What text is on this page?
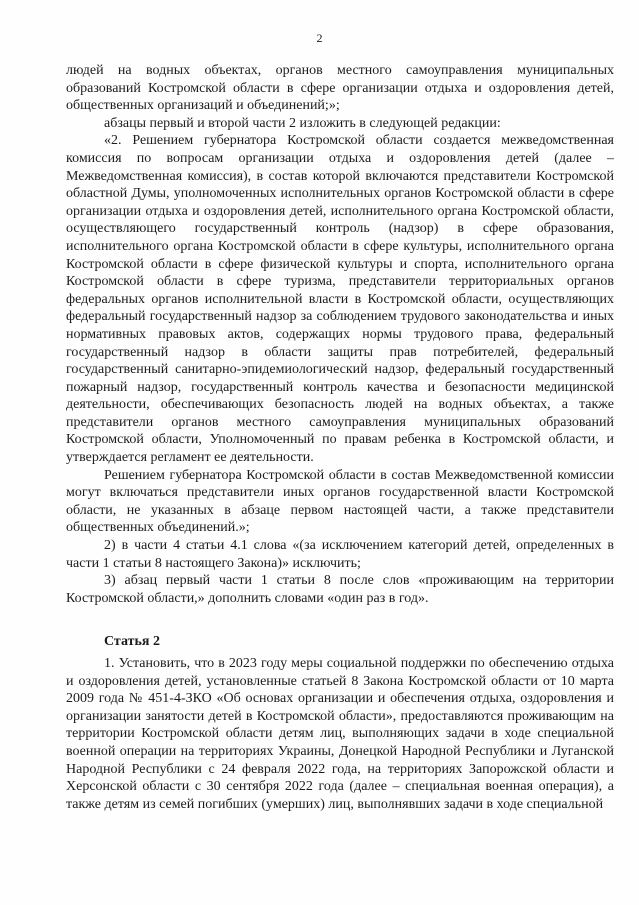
2

людей на водных объектах, органов местного самоуправления муниципальных образований Костромской области в сфере организации отдыха и оздоровления детей, общественных организаций и объединений;»;

абзацы первый и второй части 2 изложить в следующей редакции:

«2. Решением губернатора Костромской области создается межведомственная комиссия по вопросам организации отдыха и оздоровления детей (далее – Межведомственная комиссия), в состав которой включаются представители Костромской областной Думы, уполномоченных исполнительных органов Костромской области в сфере организации отдыха и оздоровления детей, исполнительного органа Костромской области, осуществляющего государственный контроль (надзор) в сфере образования, исполнительного органа Костромской области в сфере культуры, исполнительного органа Костромской области в сфере физической культуры и спорта, исполнительного органа Костромской области в сфере туризма, представители территориальных органов федеральных органов исполнительной власти в Костромской области, осуществляющих федеральный государственный надзор за соблюдением трудового законодательства и иных нормативных правовых актов, содержащих нормы трудового права, федеральный государственный надзор в области защиты прав потребителей, федеральный государственный санитарно-эпидемиологический надзор, федеральный государственный пожарный надзор, государственный контроль качества и безопасности медицинской деятельности, обеспечивающих безопасность людей на водных объектах, а также представители органов местного самоуправления муниципальных образований Костромской области, Уполномоченный по правам ребенка в Костромской области, и утверждается регламент ее деятельности.

Решением губернатора Костромской области в состав Межведомственной комиссии могут включаться представители иных органов государственной власти Костромской области, не указанных в абзаце первом настоящей части, а также представители общественных объединений.»;

2) в части 4 статьи 4.1 слова «(за исключением категорий детей, определенных в части 1 статьи 8 настоящего Закона)» исключить;

3) абзац первый части 1 статьи 8 после слов «проживающим на территории Костромской области,» дополнить словами «один раз в год».

Статья 2

1. Установить, что в 2023 году меры социальной поддержки по обеспечению отдыха и оздоровления детей, установленные статьей 8 Закона Костромской области от 10 марта 2009 года № 451-4-ЗКО «Об основах организации и обеспечения отдыха, оздоровления и организации занятости детей в Костромской области», предоставляются проживающим на территории Костромской области детям лиц, выполняющих задачи в ходе специальной военной операции на территориях Украины, Донецкой Народной Республики и Луганской Народной Республики с 24 февраля 2022 года, на территориях Запорожской области и Херсонской области с 30 сентября 2022 года (далее – специальная военная операция), а также детям из семей погибших (умерших) лиц, выполнявших задачи в ходе специальной
